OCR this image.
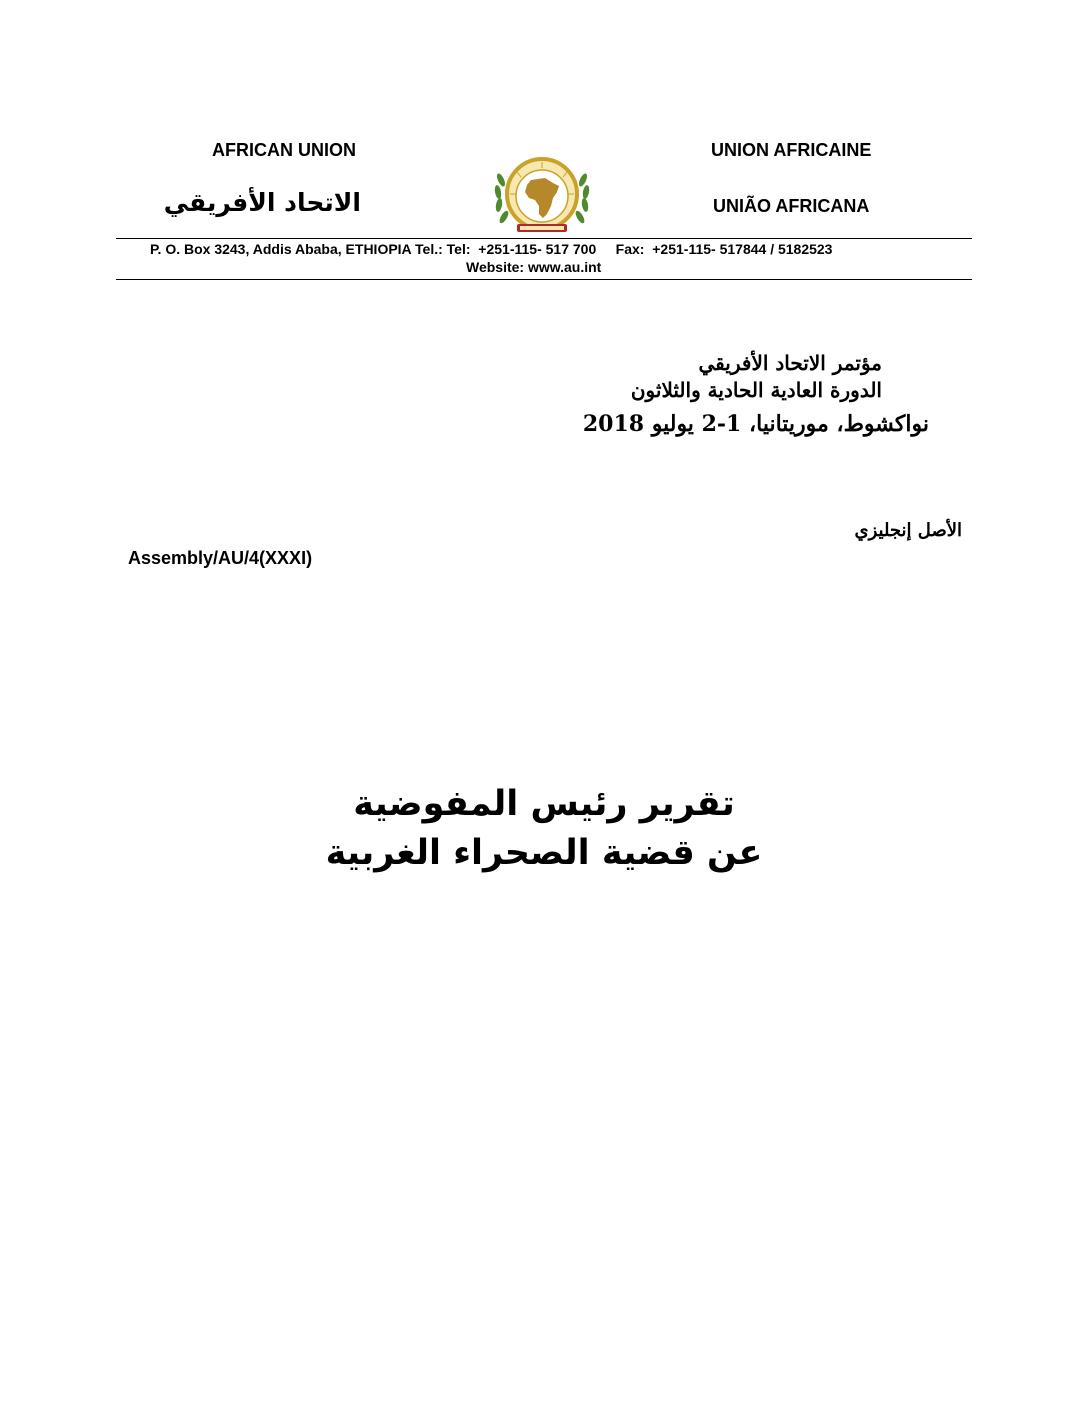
AFRICAN UNION	UNION AFRICAINE
الاتحاد الأفريقي	UNIÃO AFRICANA
P. O. Box 3243, Addis Ababa, ETHIOPIA Tel.: Tel:  +251-115- 517 700     Fax:  +251-115- 517844 / 5182523
Website: www.au.int
مؤتمر الاتحاد الأفريقي
الدورة العادية الحادية والثلاثون
نواكشوط، موريتانيا، 1-2 يوليو 2018
الأصل إنجليزي
Assembly/AU/4(XXXI)
تقرير رئيس المفوضية
عن قضية الصحراء الغربية
